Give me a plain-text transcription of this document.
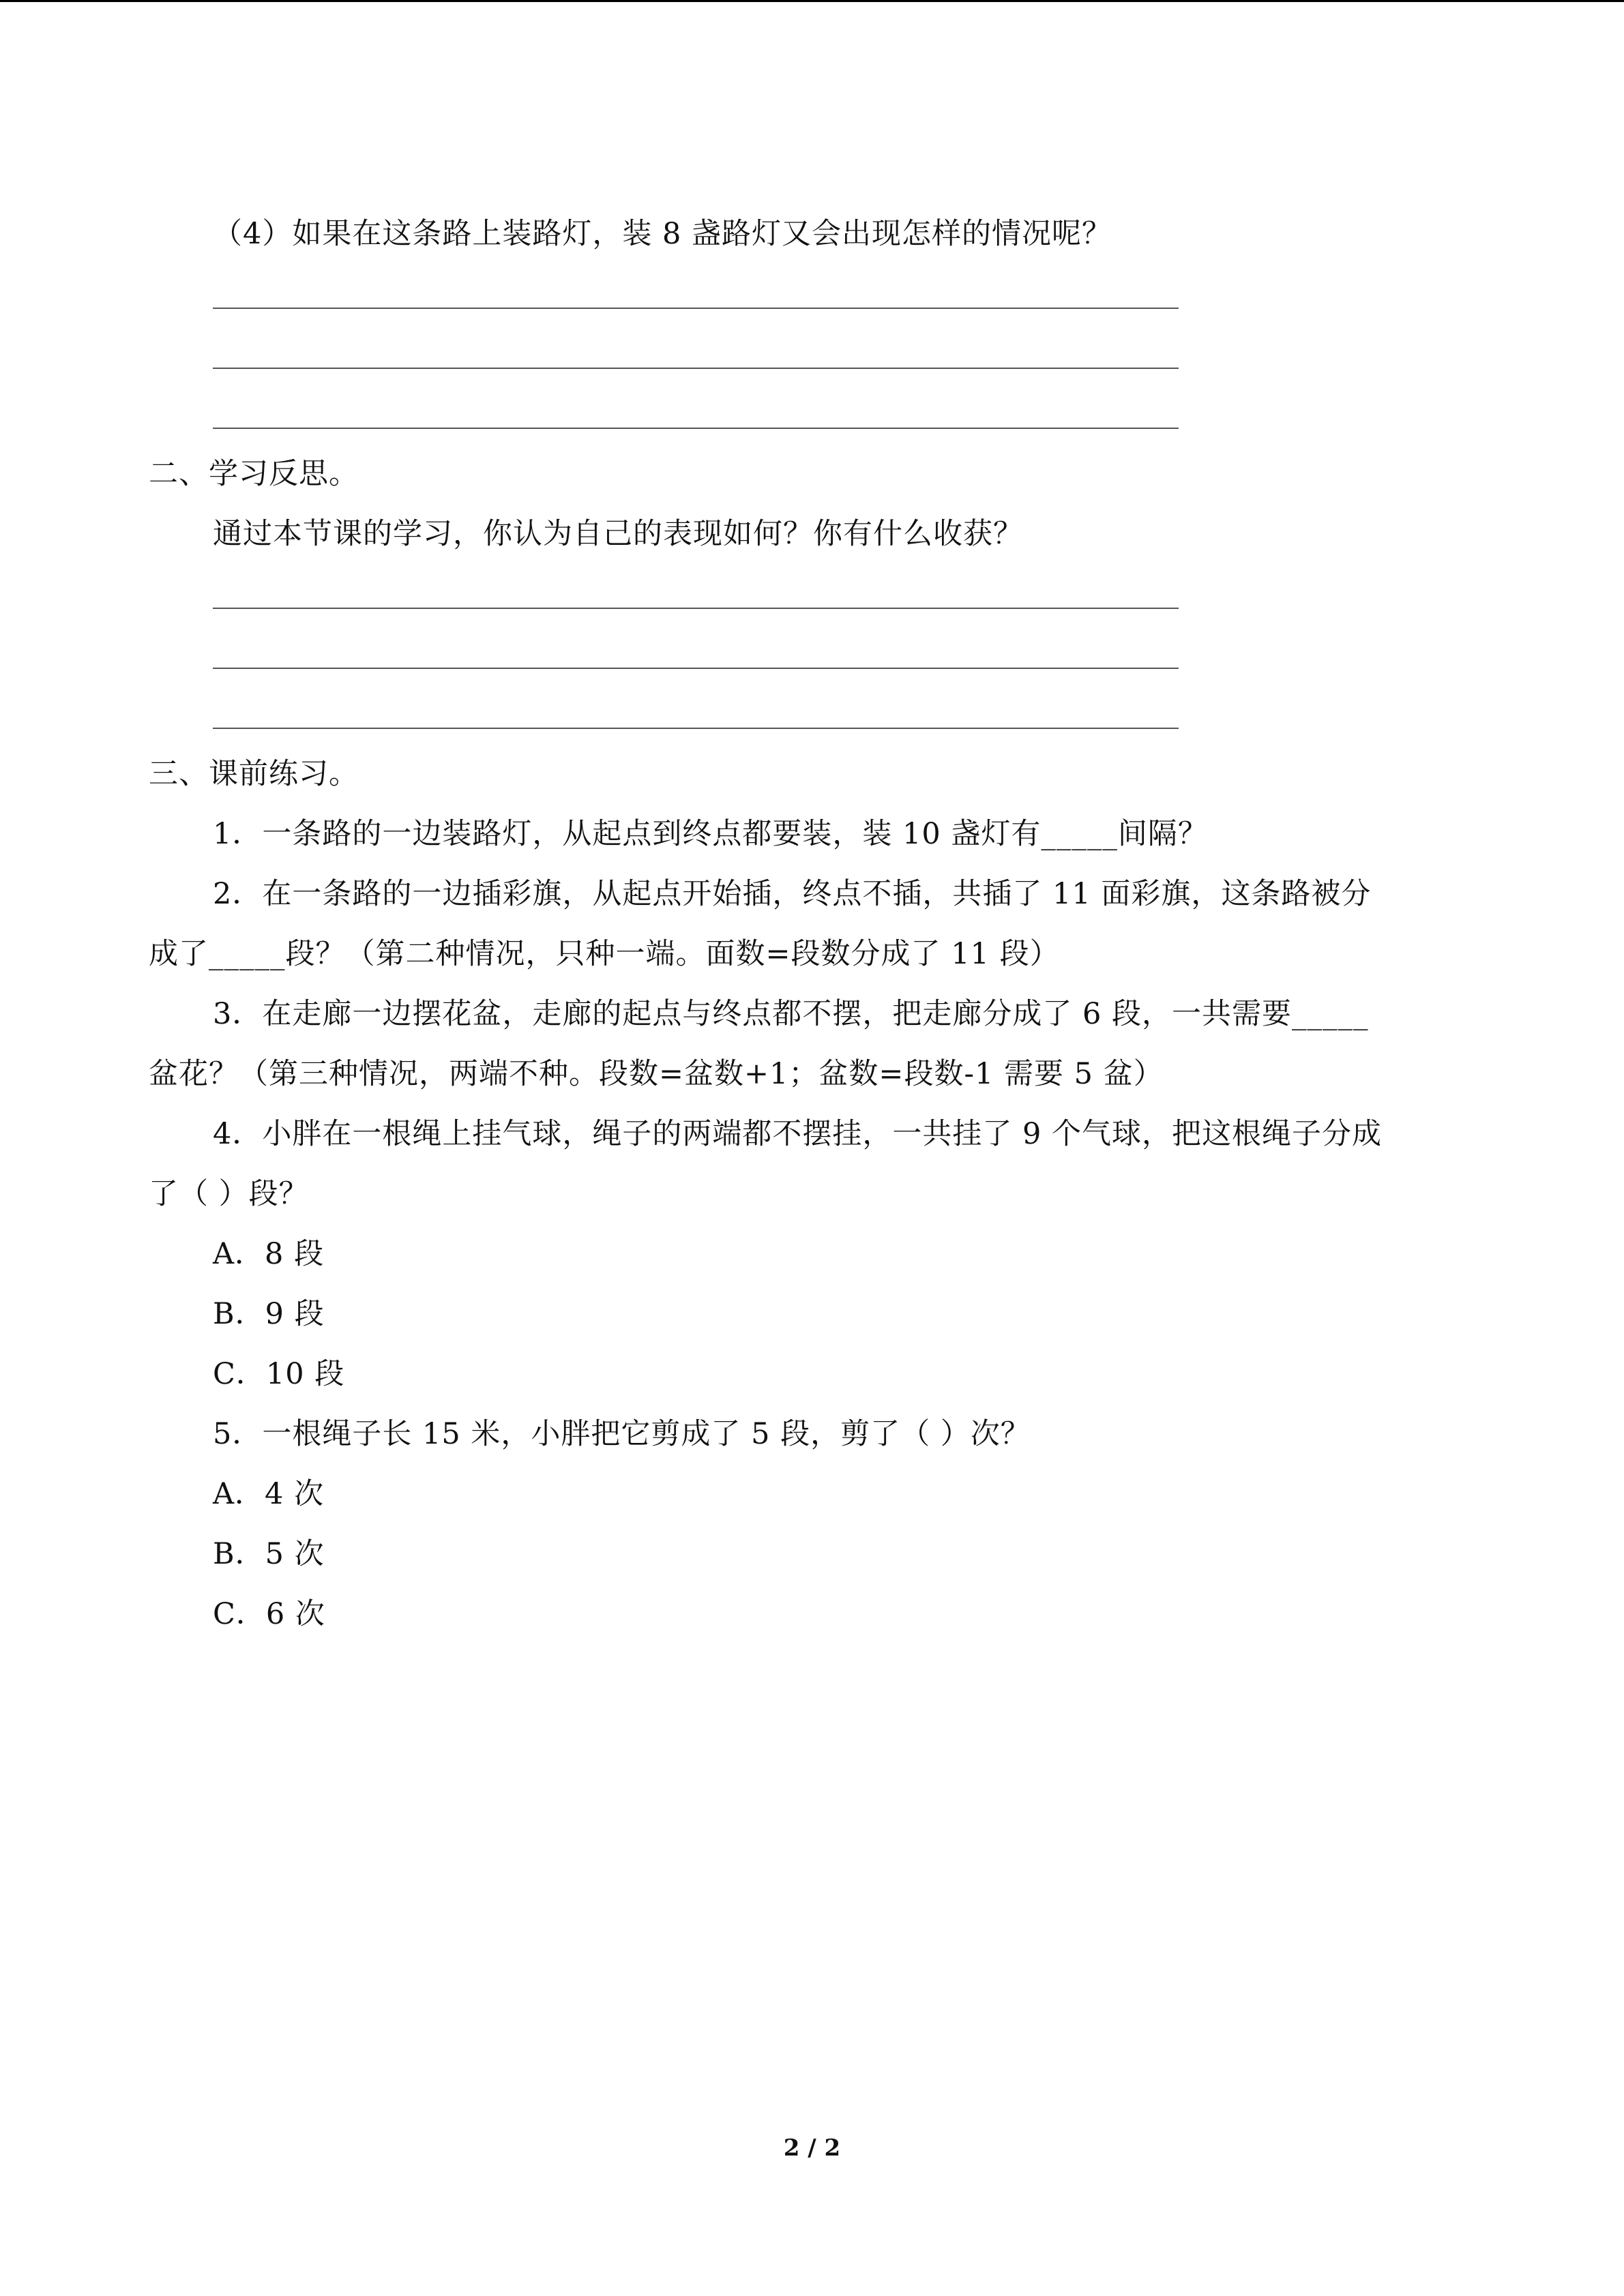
（4）如果在这条路上装路灯，装 8 盏路灯又会出现怎样的情况呢？
二、学习反思。
通过本节课的学习，你认为自己的表现如何？你有什么收获？
三、课前练习。
1．一条路的一边装路灯，从起点到终点都要装，装 10 盏灯有_____间隔？
2．在一条路的一边插彩旗，从起点开始插，终点不插，共插了 11 面彩旗，这条路被分
成了_____段？（第二种情况，只种一端。面数=段数分成了 11 段）
3．在走廊一边摆花盆，走廊的起点与终点都不摆，把走廊分成了 6 段，一共需要_____
盆花？（第三种情况，两端不种。段数=盆数+1；盆数=段数-1 需要 5 盆）
4．小胖在一根绳上挂气球，绳子的两端都不摆挂，一共挂了 9 个气球，把这根绳子分成
了（ ）段？
A．8 段
B．9 段
C．10 段
5．一根绳子长 15 米，小胖把它剪成了 5 段，剪了（ ）次？
A．4 次
B．5 次
C．6 次
2 / 2
